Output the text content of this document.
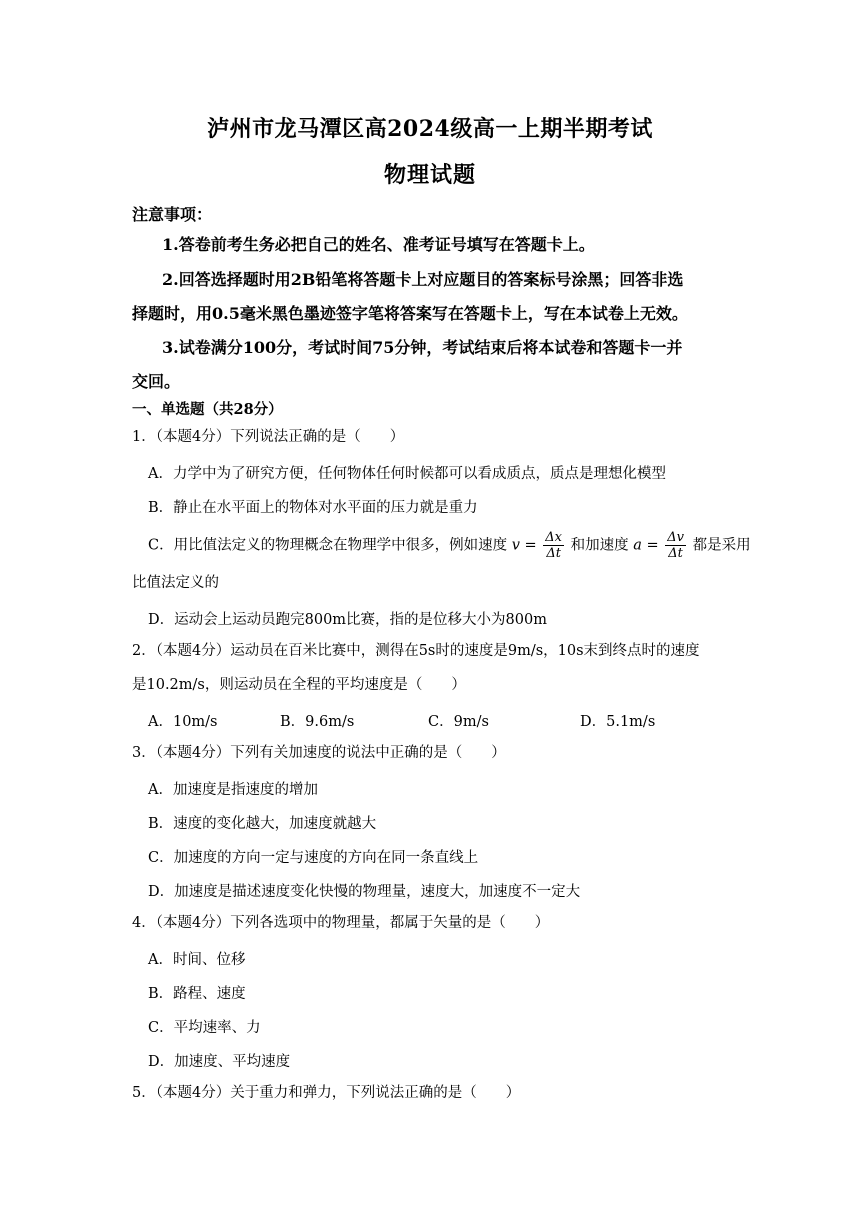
泸州市龙马潭区高2024级高一上期半期考试
物理试题
注意事项：
1.答卷前考生务必把自己的姓名、准考证号填写在答题卡上。
2.回答选择题时用2B铅笔将答题卡上对应题目的答案标号涂黑；回答非选
择题时，用0.5毫米黑色墨迹签字笔将答案写在答题卡上，写在本试卷上无效。
3.试卷满分100分，考试时间75分钟，考试结束后将本试卷和答题卡一并
交回。
一、单选题（共28分）
1．（本题4分）下列说法正确的是（　　）
A．力学中为了研究方便，任何物体任何时候都可以看成质点，质点是理想化模型
B．静止在水平面上的物体对水平面的压力就是重力
C．用比值法定义的物理概念在物理学中很多，例如速度 $v = \frac{\Delta x}{\Delta t}$ 和加速度 $a = \frac{\Delta v}{\Delta t}$ 都是采用
比值法定义的
D．运动会上运动员跑完800m比赛，指的是位移大小为800m
2．（本题4分）运动员在百米比赛中，测得在5s时的速度是9m/s，10s末到终点时的速度
是10.2m/s，则运动员在全程的平均速度是（　　）
A．10m/s	B．9.6m/s	C．9m/s	D．5.1m/s
3．（本题4分）下列有关加速度的说法中正确的是（　　）
A．加速度是指速度的增加
B．速度的变化越大，加速度就越大
C．加速度的方向一定与速度的方向在同一条直线上
D．加速度是描述速度变化快慢的物理量，速度大，加速度不一定大
4．（本题4分）下列各选项中的物理量，都属于矢量的是（　　）
A．时间、位移
B．路程、速度
C．平均速率、力
D．加速度、平均速度
5．（本题4分）关于重力和弹力，下列说法正确的是（　　）
